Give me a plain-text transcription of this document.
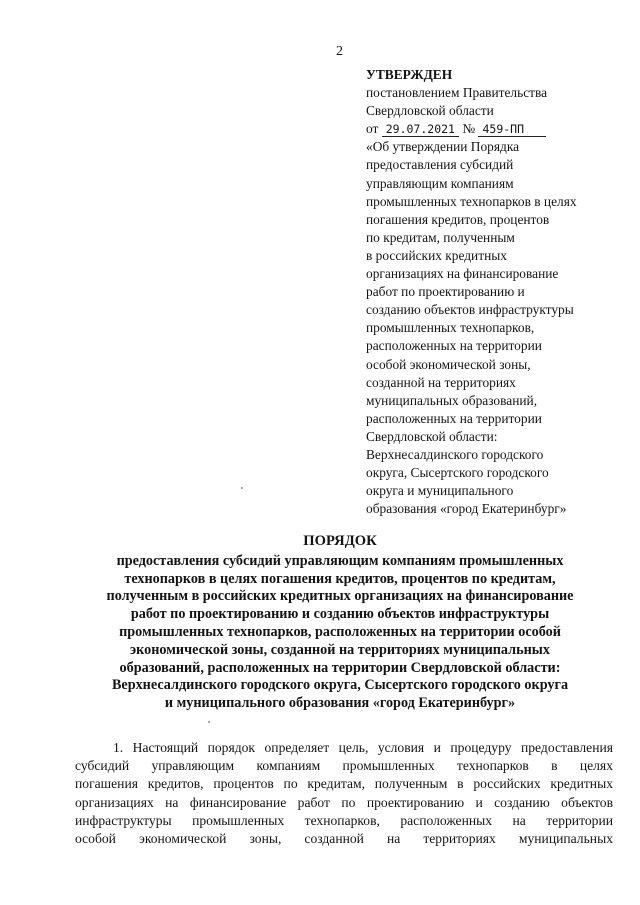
2
УТВЕРЖДЕН
постановлением Правительства
Свердловской области
от 29.07.2021 № 459-ПП
«Об утверждении Порядка
предоставления субсидий
управляющим компаниям
промышленных технопарков в целях
погашения кредитов, процентов
по кредитам, полученным
в российских кредитных
организациях на финансирование
работ по проектированию и
созданию объектов инфраструктуры
промышленных технопарков,
расположенных на территории
особой экономической зоны,
созданной на территориях
муниципальных образований,
расположенных на территории
Свердловской области:
Верхнесалдинского городского
округа, Сысертского городского
округа и муниципального
образования «город Екатеринбург»
ПОРЯДОК
предоставления субсидий управляющим компаниям промышленных
технопарков в целях погашения кредитов, процентов по кредитам,
полученным в российских кредитных организациях на финансирование
работ по проектированию и созданию объектов инфраструктуры
промышленных технопарков, расположенных на территории особой
экономической зоны, созданной на территориях муниципальных
образований, расположенных на территории Свердловской области:
Верхнесалдинского городского округа, Сысертского городского округа
и муниципального образования «город Екатеринбург»
1. Настоящий порядок определяет цель, условия и процедуру предоставления
субсидий управляющим компаниям промышленных технопарков в целях
погашения кредитов, процентов по кредитам, полученным в российских кредитных
организациях на финансирование работ по проектированию и созданию объектов
инфраструктуры промышленных технопарков, расположенных на территории
особой экономической зоны, созданной на территориях муниципальных
